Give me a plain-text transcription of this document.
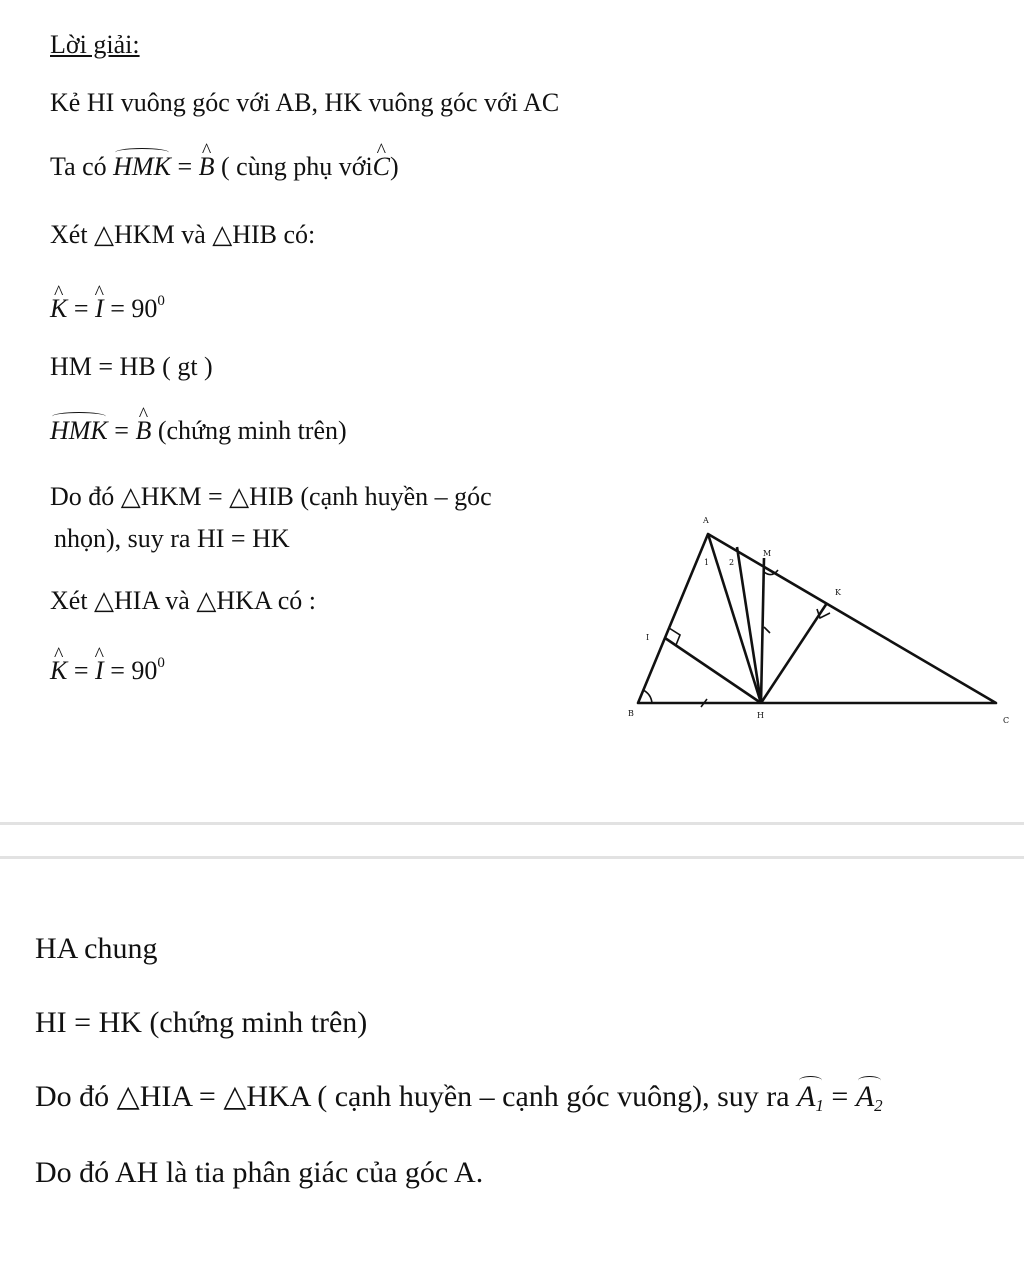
Lời giải:
Kẻ HI vuông góc với AB, HK vuông góc với AC
Ta có HMK = ^ B ( cùng phụ với^ C)
Xét △HKM và △HIB có:
^ K = ^ $I = 90^0$
HM = HB ( gt )
HMK = ^ B (chứng minh trên)
Do đó △HKM = △HIB (cạnh huyền – góc
nhọn), suy ra HI = HK
Xét △HIA và △HKA có :
^ K = ^ $I = 90^0$
A
B
C
H
I
K
M
1 2
HA chung
HI = HK (chứng minh trên)
Do đó △HIA = △HKA ( cạnh huyền – cạnh góc vuông), suy ra $A_1 = A_2$
Do đó AH là tia phân giác của góc A.
